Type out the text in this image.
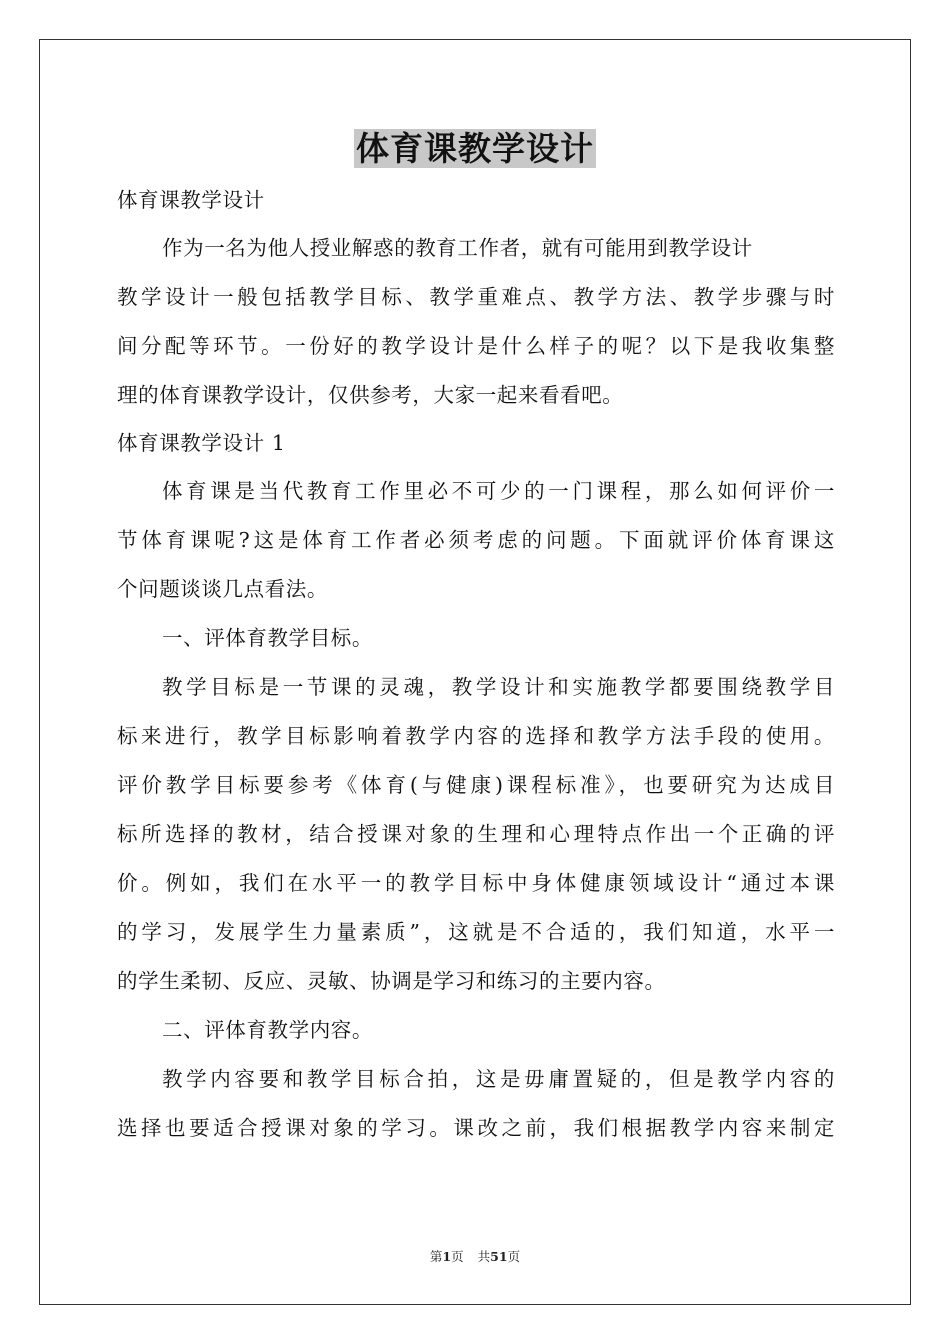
体育课教学设计

体育课教学设计

作为一名为他人授业解惑的教育工作者，就有可能用到教学设计

教学设计一般包括教学目标、教学重难点、教学方法、教学步骤与时

间分配等环节。一份好的教学设计是什么样子的呢？以下是我收集整

理的体育课教学设计，仅供参考，大家一起来看看吧。

体育课教学设计 1

体育课是当代教育工作里必不可少的一门课程，那么如何评价一

节体育课呢?这是体育工作者必须考虑的问题。下面就评价体育课这

个问题谈谈几点看法。

一、评体育教学目标。

教学目标是一节课的灵魂，教学设计和实施教学都要围绕教学目

标来进行，教学目标影响着教学内容的选择和教学方法手段的使用。

评价教学目标要参考《体育(与健康)课程标准》，也要研究为达成目

标所选择的教材，结合授课对象的生理和心理特点作出一个正确的评

价。例如，我们在水平一的教学目标中身体健康领域设计“通过本课

的学习，发展学生力量素质”，这就是不合适的，我们知道，水平一

的学生柔韧、反应、灵敏、协调是学习和练习的主要内容。

二、评体育教学内容。

教学内容要和教学目标合拍，这是毋庸置疑的，但是教学内容的

选择也要适合授课对象的学习。课改之前，我们根据教学内容来制定

第1页 共51页
